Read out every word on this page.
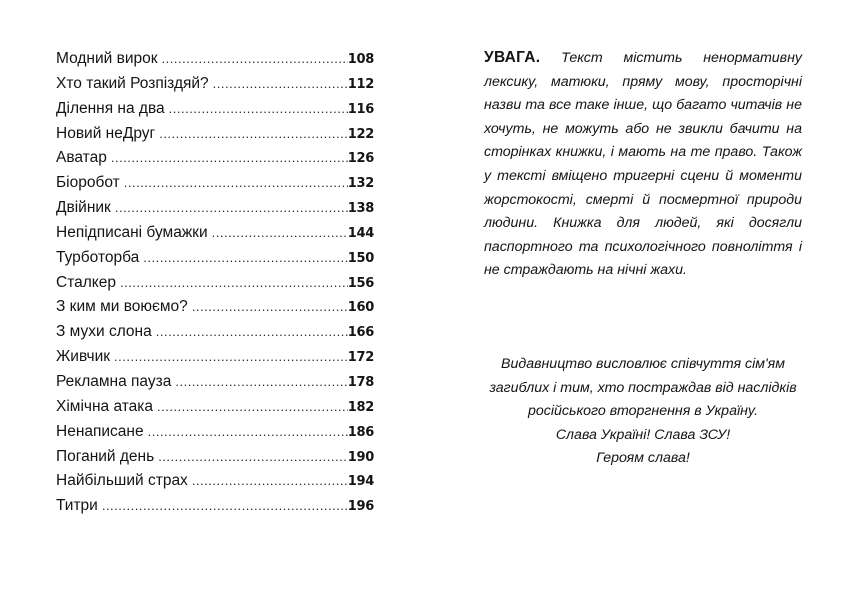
Модний вирок .....	108
Хто такий Розпіздяй? .....	112
Ділення на два .....	116
Новий неДруг .....	122
Аватар .....	126
Біоробот .....	132
Двійник .....	138
Непідписані бумажки .....	144
Турботорба .....	150
Сталкер .....	156
З ким ми воюємо? .....	160
З мухи слона .....	166
Живчик .....	172
Рекламна пауза .....	178
Хімічна атака .....	182
Ненаписане .....	186
Поганий день .....	190
Найбільший страх .....	194
Титри .....	196

УВАГА. Текст містить ненормативну лексику, матюки, пряму мову, просторічні назви та все таке інше, що багато читачів не хочуть, не можуть або не звикли бачити на сторінках книжки, і мають на те право. Також у тексті вміщено тригерні сцени й моменти жорстокості, смерті й посмертної природи людини. Книжка для людей, які досягли паспортного та психологічного повноліття і не страждають на нічні жахи.

Видавництво висловлює співчуття сім'ям
загиблих і тим, хто постраждав від наслідків
російського вторгнення в Україну.
Слава Україні! Слава ЗСУ!
Героям слава!
